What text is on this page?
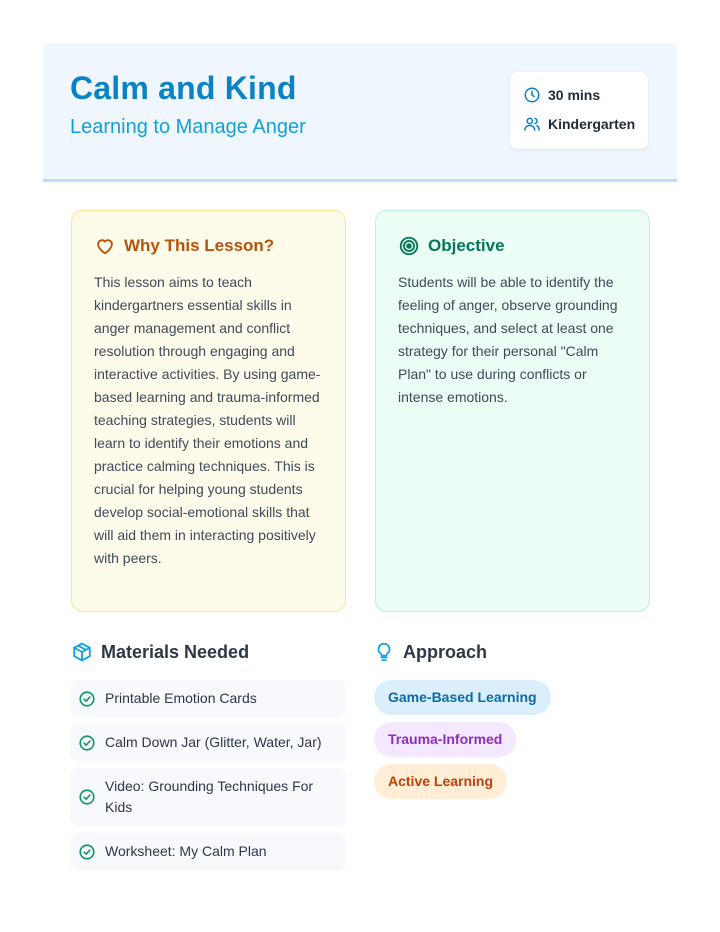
Calm and Kind
Learning to Manage Anger
30 mins
Kindergarten
Why This Lesson?
This lesson aims to teach kindergartners essential skills in anger management and conflict resolution through engaging and interactive activities. By using game-based learning and trauma-informed teaching strategies, students will learn to identify their emotions and practice calming techniques. This is crucial for helping young students develop social-emotional skills that will aid them in interacting positively with peers.
Objective
Students will be able to identify the feeling of anger, observe grounding techniques, and select at least one strategy for their personal "Calm Plan" to use during conflicts or intense emotions.
Materials Needed
Printable Emotion Cards
Calm Down Jar (Glitter, Water, Jar)
Video: Grounding Techniques For Kids
Worksheet: My Calm Plan
Approach
Game-Based Learning
Trauma-Informed
Active Learning
